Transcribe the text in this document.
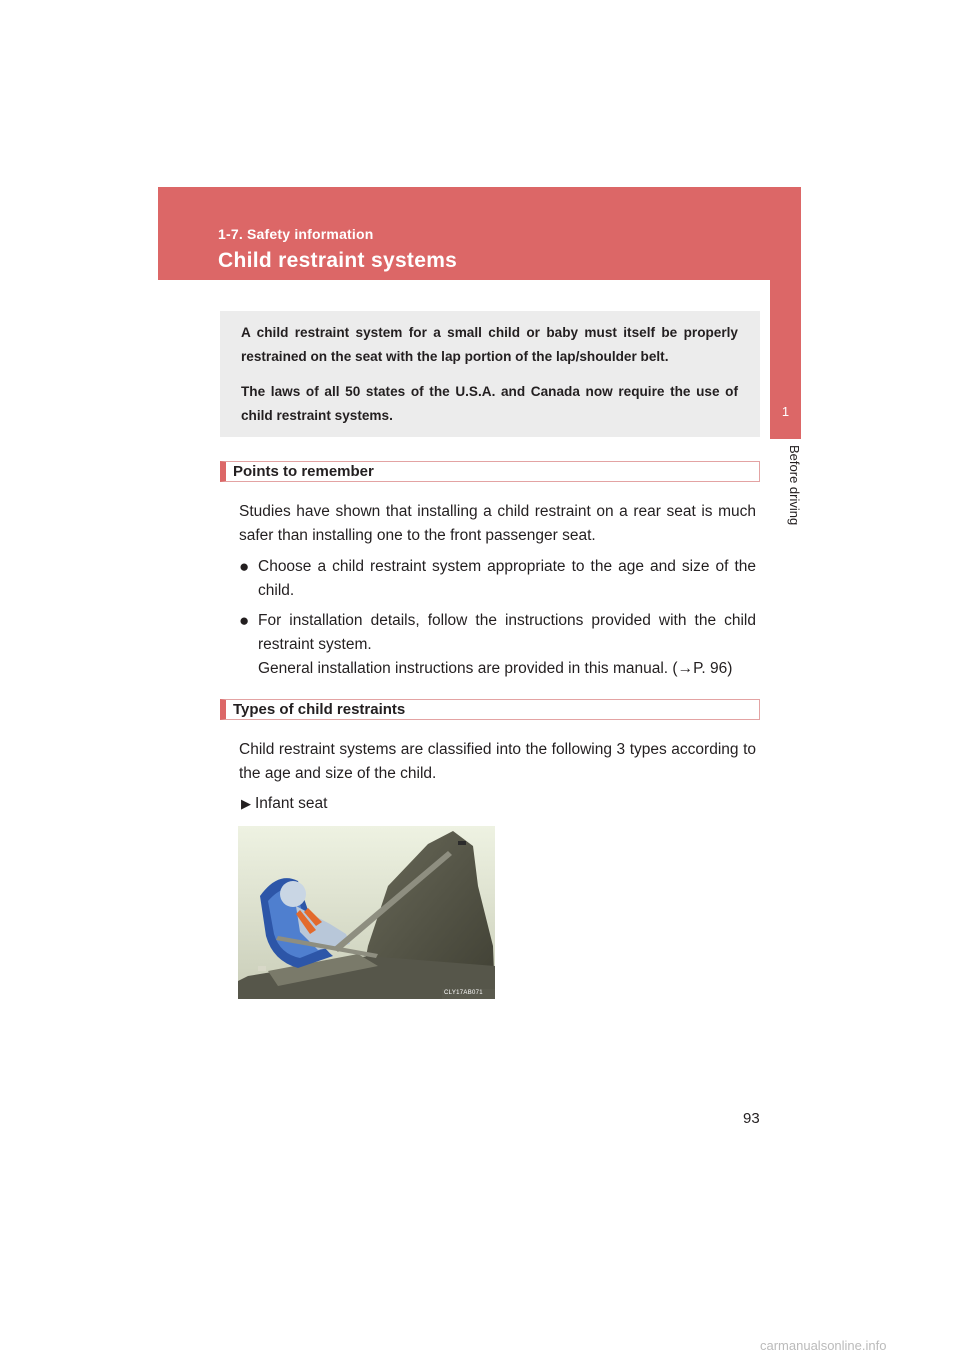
1-7. Safety information
Child restraint systems
1
Before driving

A child restraint system for a small child or baby must itself be properly restrained on the seat with the lap portion of the lap/shoulder belt.

The laws of all 50 states of the U.S.A. and Canada now require the use of child restraint systems.

Points to remember

Studies have shown that installing a child restraint on a rear seat is much safer than installing one to the front passenger seat.

● Choose a child restraint system appropriate to the age and size of the child.
● For installation details, follow the instructions provided with the child restraint system.
General installation instructions are provided in this manual. (→P. 96)
Types of child restraints

Child restraint systems are classified into the following 3 types according to the age and size of the child.

▶ Infant seat
CLY17AB071
93
carmanualsonline.info
